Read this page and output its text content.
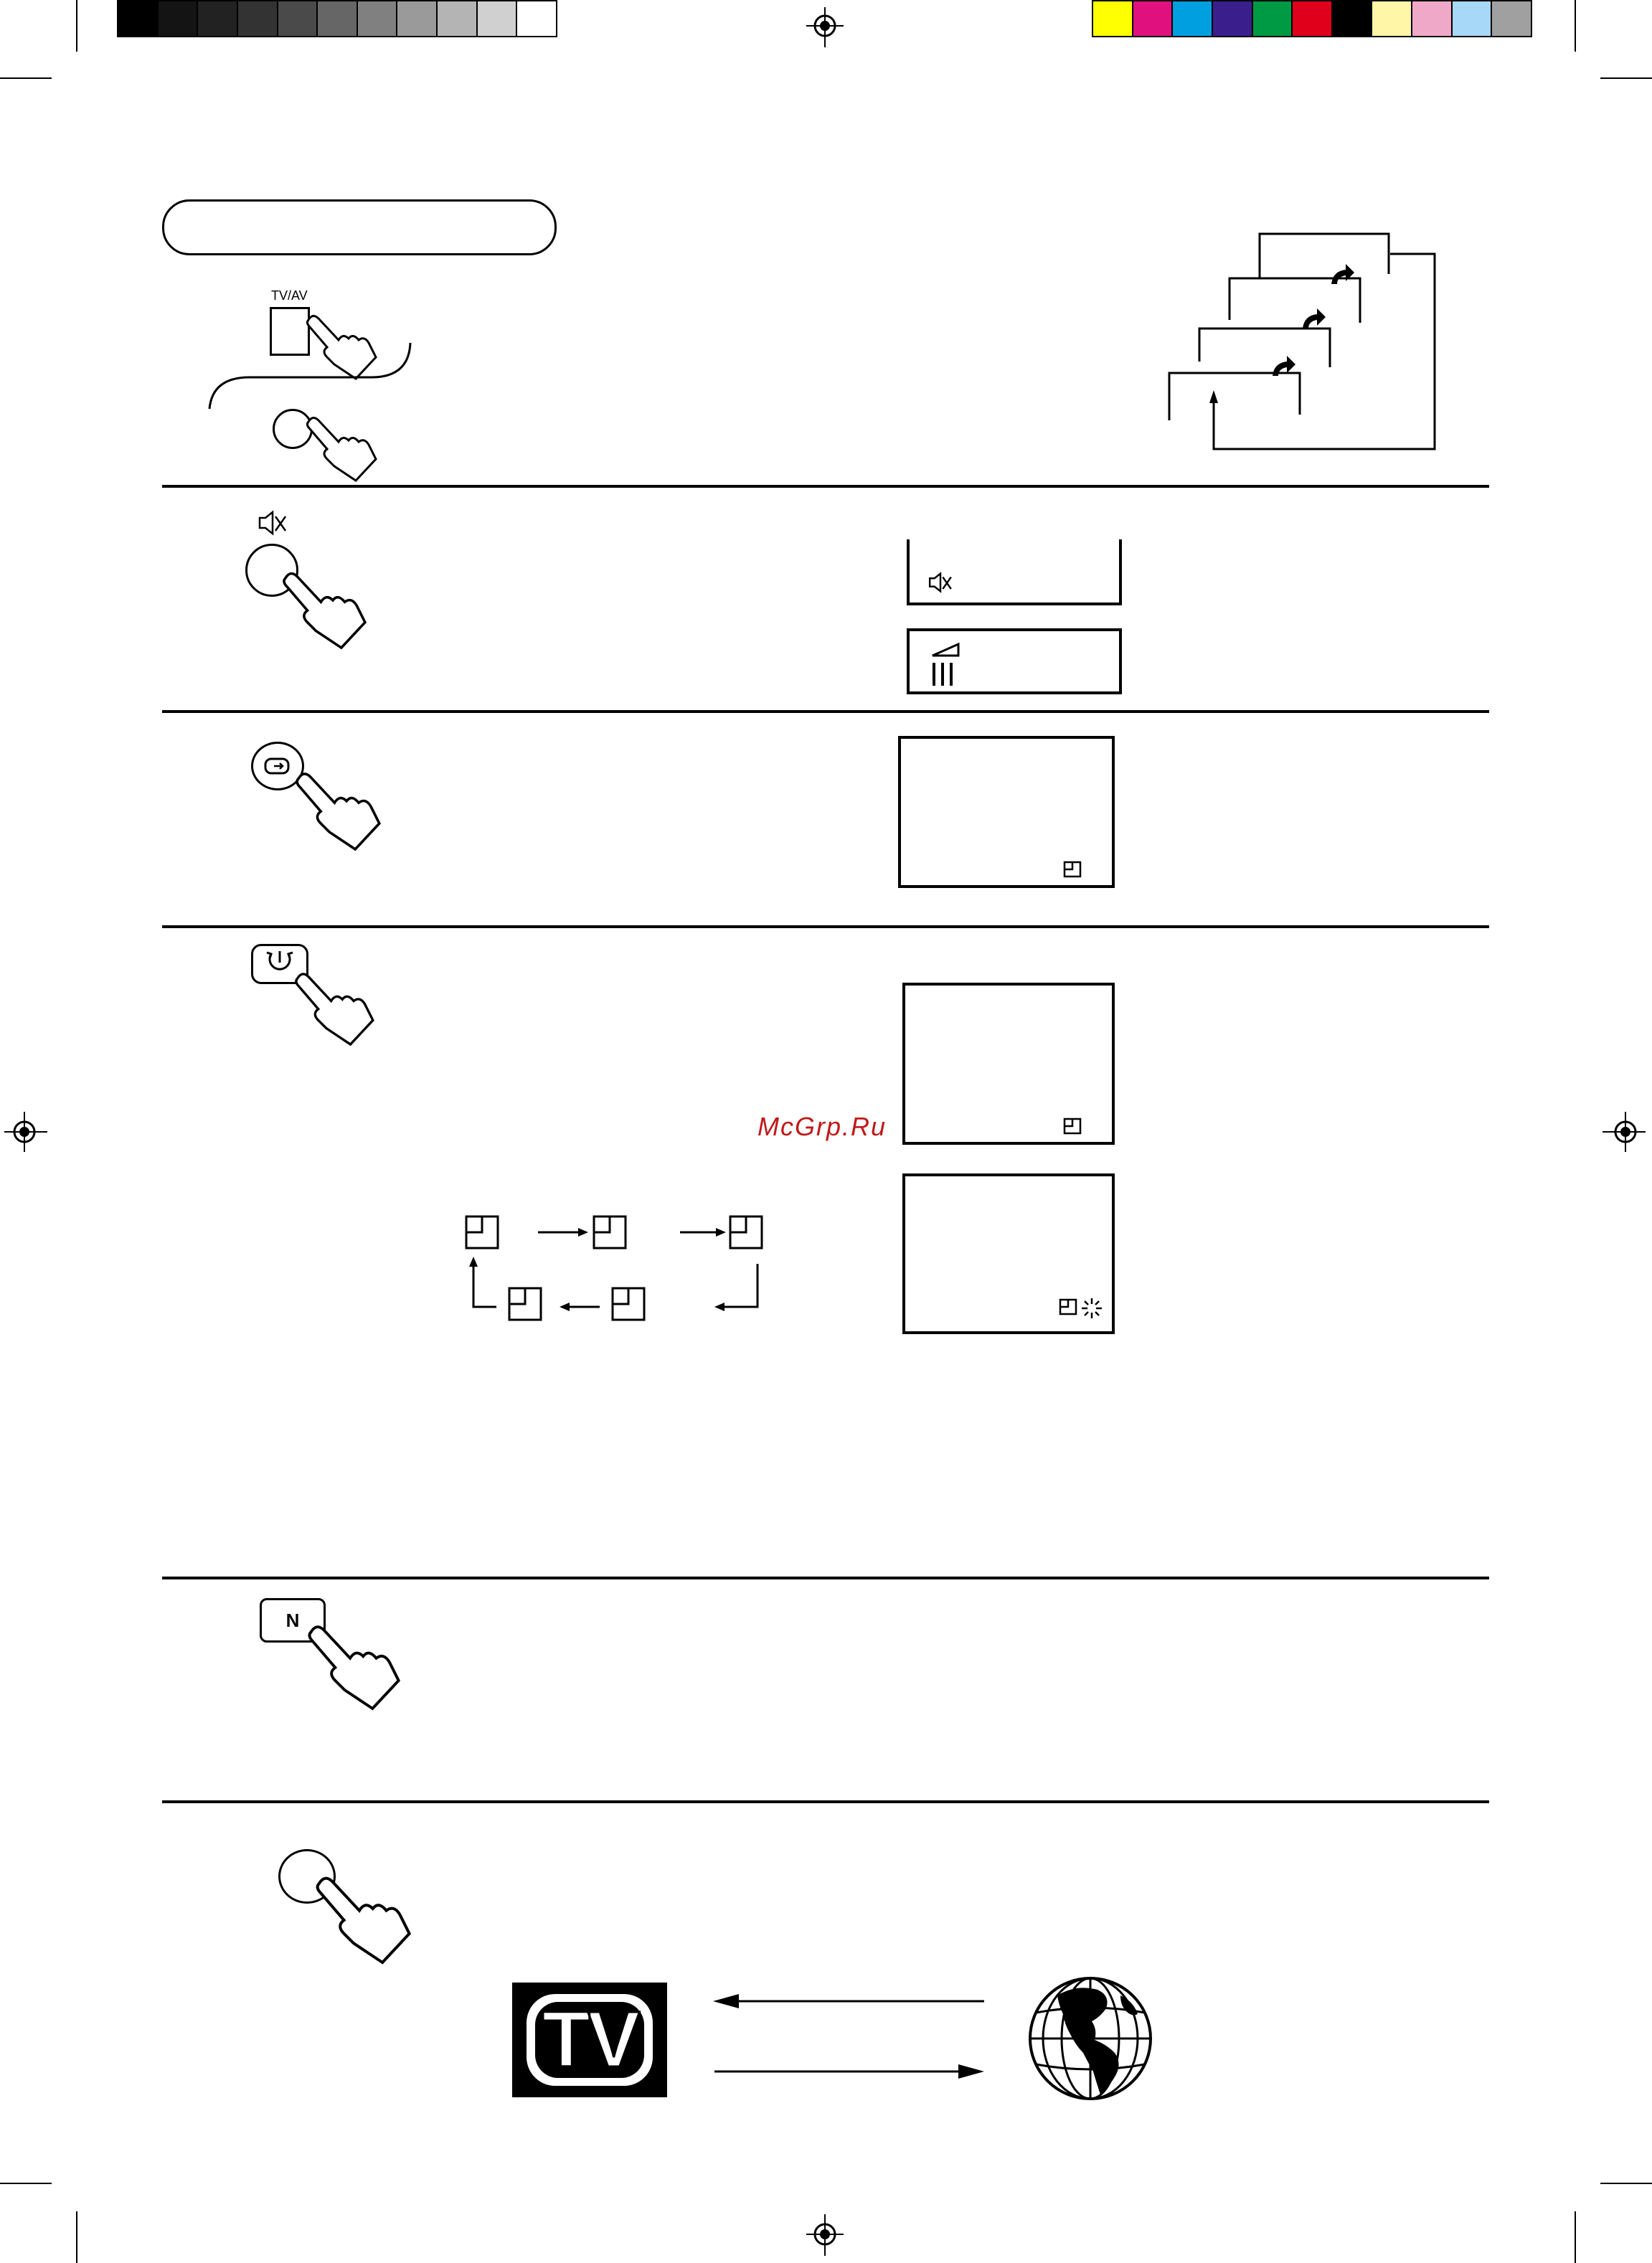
TV/AV
McGrp.Ru
N
TV
